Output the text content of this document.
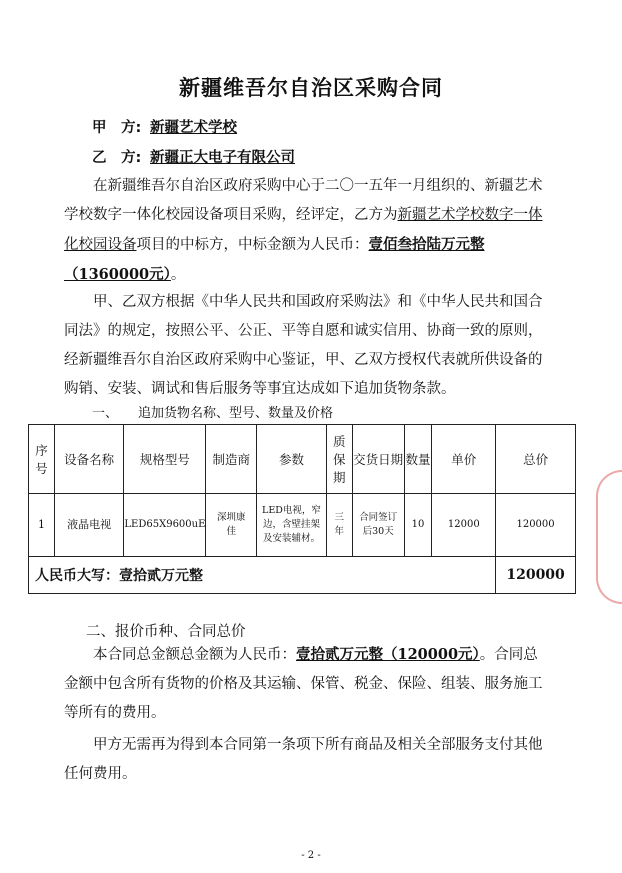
新疆维吾尔自治区采购合同
甲　方: 新疆艺术学校
乙　方: 新疆正大电子有限公司
在新疆维吾尔自治区政府采购中心于二〇一五年一月组织的、新疆艺术学校数字一体化校园设备项目采购，经评定，乙方为新疆艺术学校数字一体化校园设备项目的中标方，中标金额为人民币：壹佰叁拾陆万元整（1360000元）。
甲、乙双方根据《中华人民共和国政府采购法》和《中华人民共和国合同法》的规定，按照公平、公正、平等自愿和诚实信用、协商一致的原则，经新疆维吾尔自治区政府采购中心鉴证，甲、乙双方授权代表就所供设备的购销、安装、调试和售后服务等事宜达成如下追加货物条款。
一、 追加货物名称、型号、数量及价格
序号	设备名称	规格型号	制造商	参数	质保期	交货日期	数量	单价	总价
1	液晶电视	LED65X9600uE	深圳康佳	LED电视，窄边，含壁挂架及安装辅材。	三年	合同签订后30天	10	12000	120000
人民币大写：壹拾贰万元整									120000
二、报价币种、合同总价
本合同总金额总金额为人民币：壹拾贰万元整（120000元）。合同总金额中包含所有货物的价格及其运输、保管、税金、保险、组装、服务施工等所有的费用。
甲方无需再为得到本合同第一条项下所有商品及相关全部服务支付其他任何费用。
- 2 -
